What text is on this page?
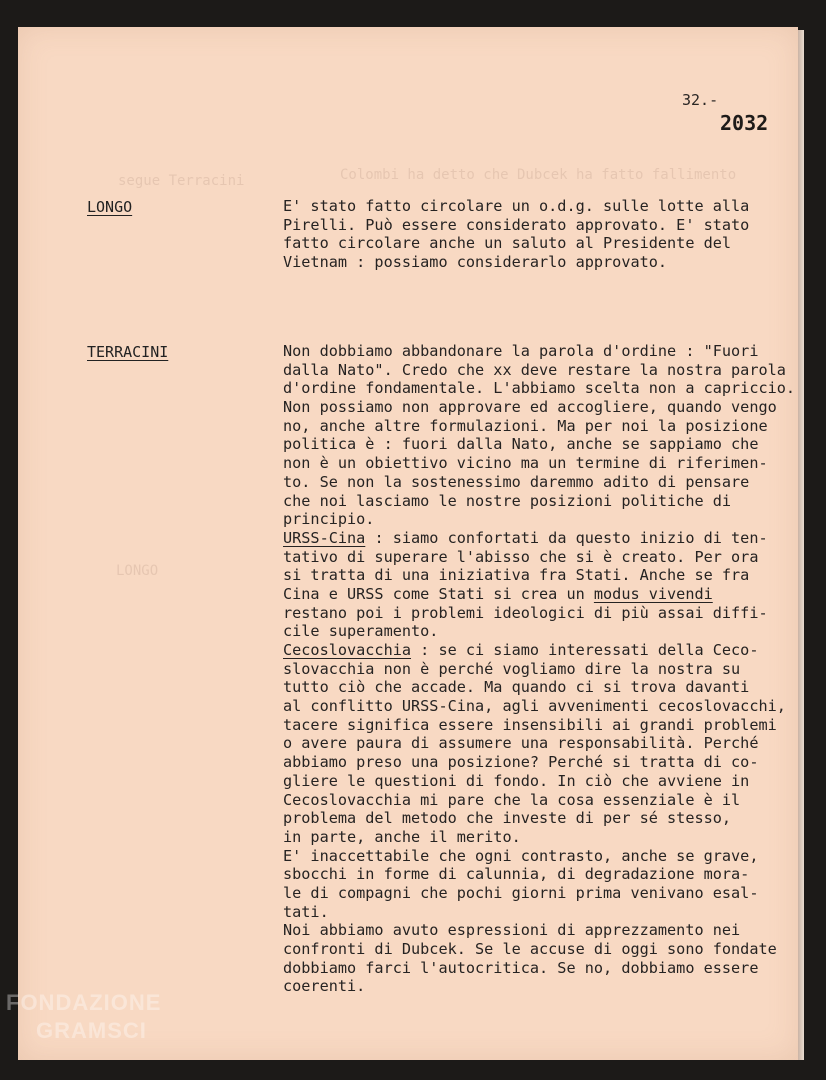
32.-
2032
segue Terracini	Colombi ha detto che Dubcek ha fatto fallimento
LONGO
LONGO	E' stato fatto circolare un o.d.g. sulle lotte alla
Pirelli. Può essere considerato approvato. E' stato
fatto circolare anche un saluto al Presidente del
Vietnam : possiamo considerarlo approvato.
TERRACINI	Non dobbiamo abbandonare la parola d'ordine : "Fuori
dalla Nato". Credo che xx deve restare la nostra parola
d'ordine fondamentale. L'abbiamo scelta non a capriccio.
Non possiamo non approvare ed accogliere, quando vengo
no, anche altre formulazioni. Ma per noi la posizione
politica è : fuori dalla Nato, anche se sappiamo che
non è un obiettivo vicino ma un termine di riferimen-
to. Se non la sostenessimo daremmo adito di pensare
che noi lasciamo le nostre posizioni politiche di
principio.
URSS-Cina : siamo confortati da questo inizio di ten-
tativo di superare l'abisso che si è creato. Per ora
si tratta di una iniziativa fra Stati. Anche se fra
Cina e URSS come Stati si crea un modus vivendi
restano poi i problemi ideologici di più assai diffi-
cile superamento.
Cecoslovacchia : se ci siamo interessati della Ceco-
slovacchia non è perché vogliamo dire la nostra su
tutto ciò che accade. Ma quando ci si trova davanti
al conflitto URSS-Cina, agli avvenimenti cecoslovacchi,
tacere significa essere insensibili ai grandi problemi
o avere paura di assumere una responsabilità. Perché
abbiamo preso una posizione? Perché si tratta di co-
gliere le questioni di fondo. In ciò che avviene in
Cecoslovacchia mi pare che la cosa essenziale è il
problema del metodo che investe di per sé stesso,
in parte, anche il merito.
E' inaccettabile che ogni contrasto, anche se grave,
sbocchi in forme di calunnia, di degradazione mora-
le di compagni che pochi giorni prima venivano esal-
tati.
Noi abbiamo avuto espressioni di apprezzamento nei
confronti di Dubcek. Se le accuse di oggi sono fondate
dobbiamo farci l'autocritica. Se no, dobbiamo essere
coerenti.
FONDAZIONE
GRAMSCI
